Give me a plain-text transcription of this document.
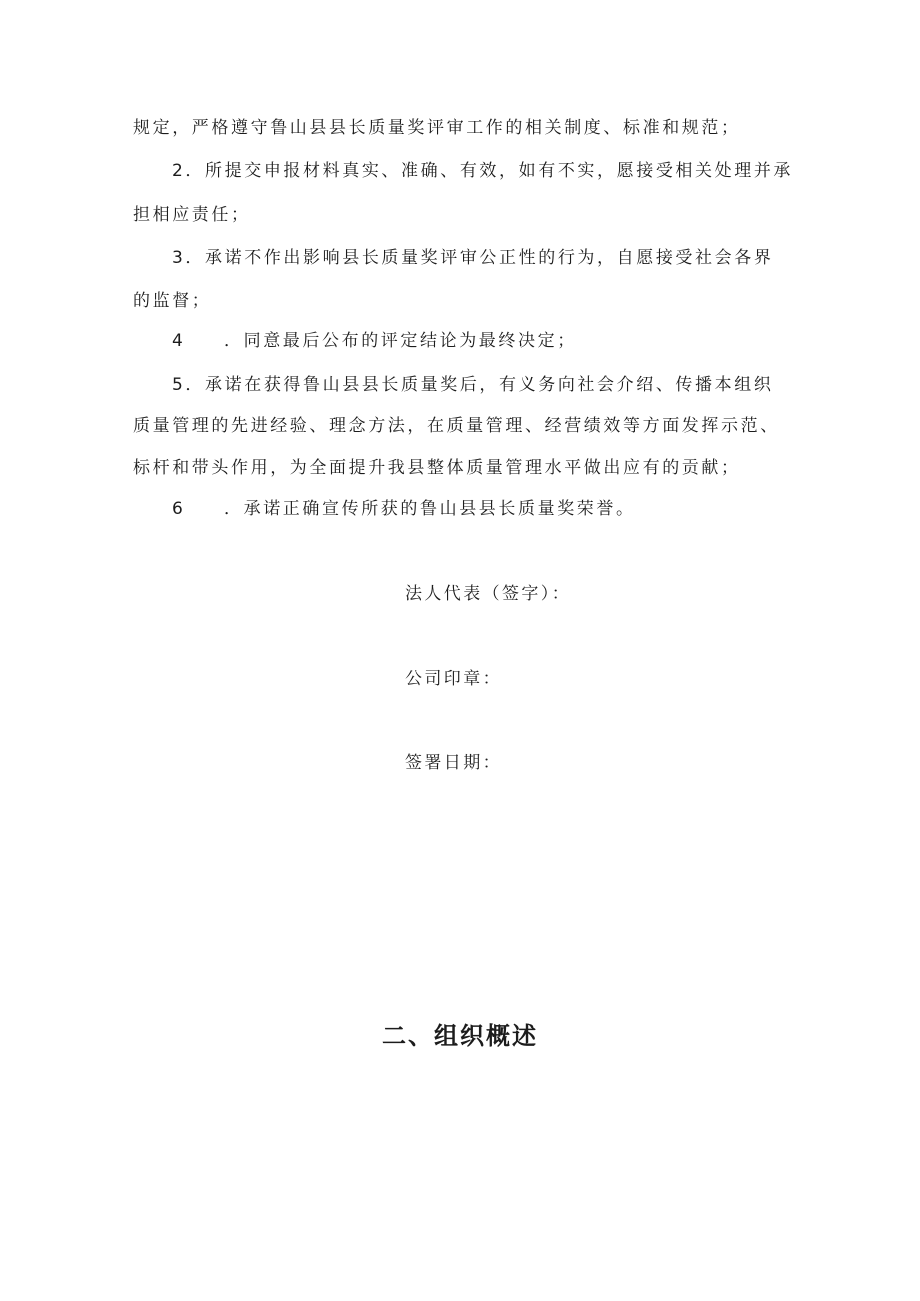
规定，严格遵守鲁山县县长质量奖评审工作的相关制度、标准和规范；
2．所提交申报材料真实、准确、有效，如有不实，愿接受相关处理并承
担相应责任；
3．承诺不作出影响县长质量奖评审公正性的行为，自愿接受社会各界
的监督；
4 ．同意最后公布的评定结论为最终决定；
5．承诺在获得鲁山县县长质量奖后，有义务向社会介绍、传播本组织
质量管理的先进经验、理念方法，在质量管理、经营绩效等方面发挥示范、
标杆和带头作用，为全面提升我县整体质量管理水平做出应有的贡献；
6 ．承诺正确宣传所获的鲁山县县长质量奖荣誉。
法人代表（签字）：
公司印章：
签署日期：
二、组织概述
